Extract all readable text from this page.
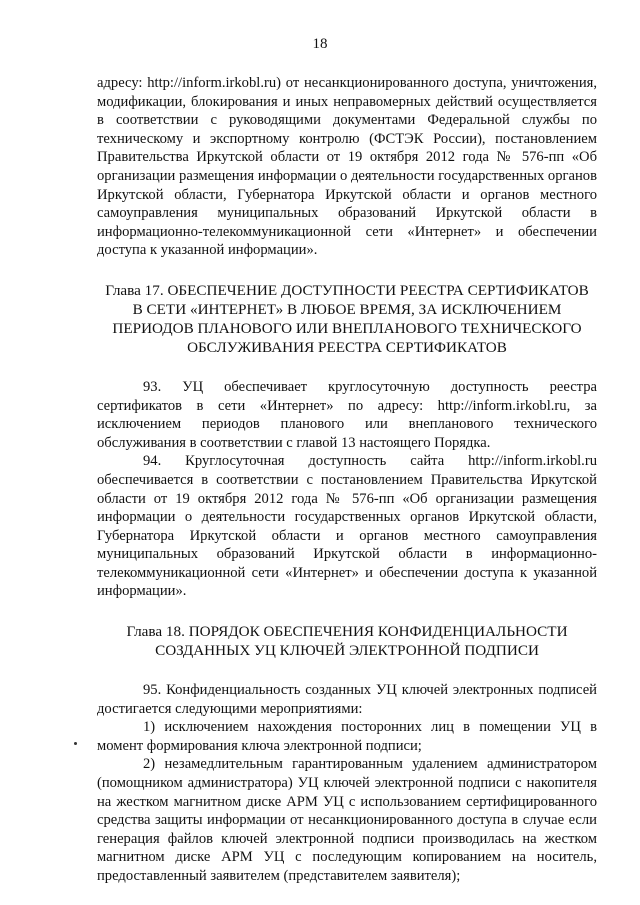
18

адресу: http://inform.irkobl.ru) от несанкционированного доступа, уничтожения, модификации, блокирования и иных неправомерных действий осуществляется в соответствии с руководящими документами Федеральной службы по техническому и экспортному контролю (ФСТЭК России), постановлением Правительства Иркутской области от 19 октября 2012 года № 576-пп «Об организации размещения информации о деятельности государственных органов Иркутской области, Губернатора Иркутской области и органов местного самоуправления муниципальных образований Иркутской области в информационно-телекоммуникационной сети «Интернет» и обеспечении доступа к указанной информации».

Глава 17. ОБЕСПЕЧЕНИЕ ДОСТУПНОСТИ РЕЕСТРА СЕРТИФИКАТОВ В СЕТИ «ИНТЕРНЕТ» В ЛЮБОЕ ВРЕМЯ, ЗА ИСКЛЮЧЕНИЕМ ПЕРИОДОВ ПЛАНОВОГО ИЛИ ВНЕПЛАНОВОГО ТЕХНИЧЕСКОГО ОБСЛУЖИВАНИЯ РЕЕСТРА СЕРТИФИКАТОВ

93. УЦ обеспечивает круглосуточную доступность реестра сертификатов в сети «Интернет» по адресу: http://inform.irkobl.ru, за исключением периодов планового или внепланового технического обслуживания в соответствии с главой 13 настоящего Порядка.

94. Круглосуточная доступность сайта http://inform.irkobl.ru обеспечивается в соответствии с постановлением Правительства Иркутской области от 19 октября 2012 года № 576-пп «Об организации размещения информации о деятельности государственных органов Иркутской области, Губернатора Иркутской области и органов местного самоуправления муниципальных образований Иркутской области в информационно-телекоммуникационной сети «Интернет» и обеспечении доступа к указанной информации».

Глава 18. ПОРЯДОК ОБЕСПЕЧЕНИЯ КОНФИДЕНЦИАЛЬНОСТИ СОЗДАННЫХ УЦ КЛЮЧЕЙ ЭЛЕКТРОННОЙ ПОДПИСИ

95. Конфиденциальность созданных УЦ ключей электронных подписей достигается следующими мероприятиями:

1) исключением нахождения посторонних лиц в помещении УЦ в момент формирования ключа электронной подписи;

2) незамедлительным гарантированным удалением администратором (помощником администратора) УЦ ключей электронной подписи с накопителя на жестком магнитном диске АРМ УЦ с использованием сертифицированного средства защиты информации от несанкционированного доступа в случае если генерация файлов ключей электронной подписи производилась на жестком магнитном диске АРМ УЦ с последующим копированием на носитель, предоставленный заявителем (представителем заявителя);
